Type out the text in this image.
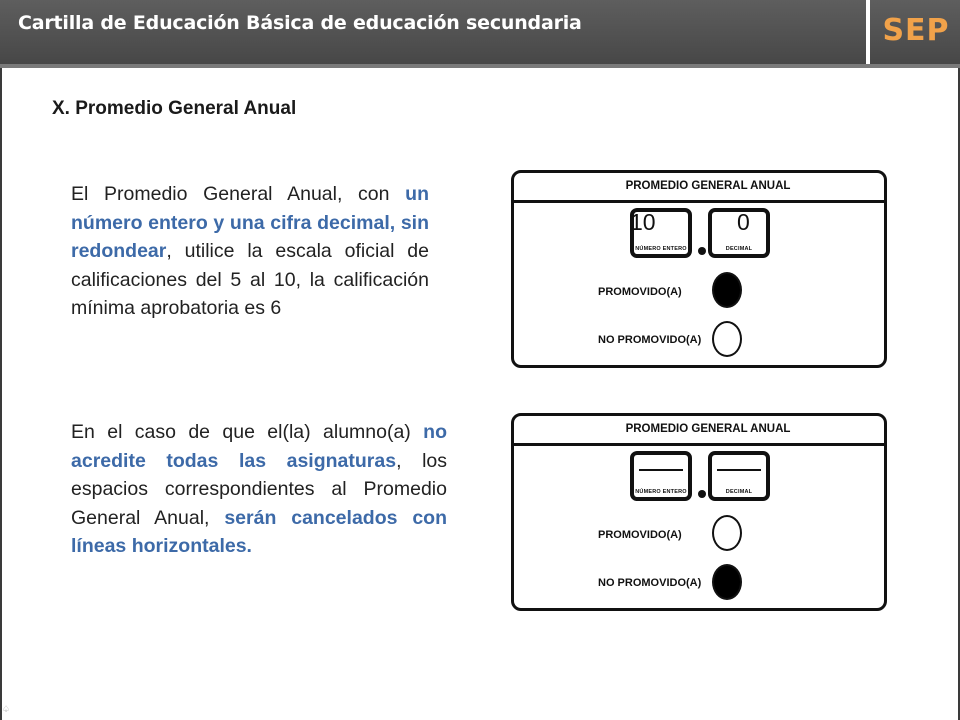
Cartilla de Educación Básica de educación secundaria	SEP
♤
X. Promedio General Anual
El Promedio General Anual, con un número entero y una cifra decimal, sin redondear, utilice la escala oficial de calificaciones del 5 al 10, la calificación mínima aprobatoria es 6
En el caso de que el(la) alumno(a) no acredite todas las asignaturas, los espacios correspondientes al Promedio General Anual, serán cancelados con líneas horizontales.
PROMEDIO GENERAL ANUAL
NÚMERO ENTERO	DECIMAL
10	0
PROMOVIDO(A)
NO PROMOVIDO(A)
PROMEDIO GENERAL ANUAL
NÚMERO ENTERO	DECIMAL
PROMOVIDO(A)
NO PROMOVIDO(A)
